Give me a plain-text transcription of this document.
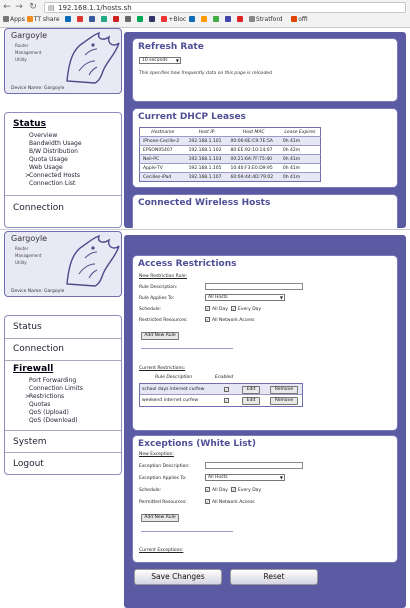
← → ↻ ▤ 192.168.1.1/hosts.sh
Apps	TT share	+Bloc	Stratford	offi
Gargoyle
Router
Management
Utility
Device Name: Gargoyle
Status
Overview
Bandwidth Usage
B/W Distribution
Quota Usage
Web Usage
>
Connected Hosts
Connection List
Connection
Refresh Rate
10 seconds ▼
This specifies how frequently data on this page is reloaded
Current DHCP Leases
Hostname	Host IP	Host MAC	Lease Expires
iPhone-Cecille-2	192.168.1.101	00:00:6E:C9:7E:5A	0h 41m
EPSON05407	192.168.1.102	80:EE:92:10:14:07	0h 42m
Neil-PC	192.168.1.103	00:21:6A:7F:75:40	0h 41m
Apple-TV	192.168.1.105	10:40:F3:E0:D9:95	0h 41m
Cecilles-iPad	192.168.1.107	60:69:44:4D:79:02	0h 41m
Connected Wireless Hosts
Gargoyle
Router
Management
Utility
Device Name: Gargoyle
Status
Connection
Firewall
Port Forwarding
Connection Limits
>
Restrictions
Quotas
QoS (Upload)
QoS (Download)
System
Logout
Access Restrictions
New Restriction Rule:
Rule Description:
Rule Applies To:	All Hosts	▼
Schedule:	✓ All Day ✓ Every Day
Restricted Resources:	✓ All Network Access
Add New Rule
Current Restrictions:
Rule Description	Enabled
school days internet curfew	✓	Edit	Remove
weekend internet curfew	✓	Edit	Remove
Exceptions (White List)
New Exception:
Exception Description:
Exception Applies To:	All Hosts	▼
Schedule:	✓ All Day ✓ Every Day
Permitted Resources:	✓ All Network Access
Add New Rule
Current Exceptions:
Save Changes	Reset
